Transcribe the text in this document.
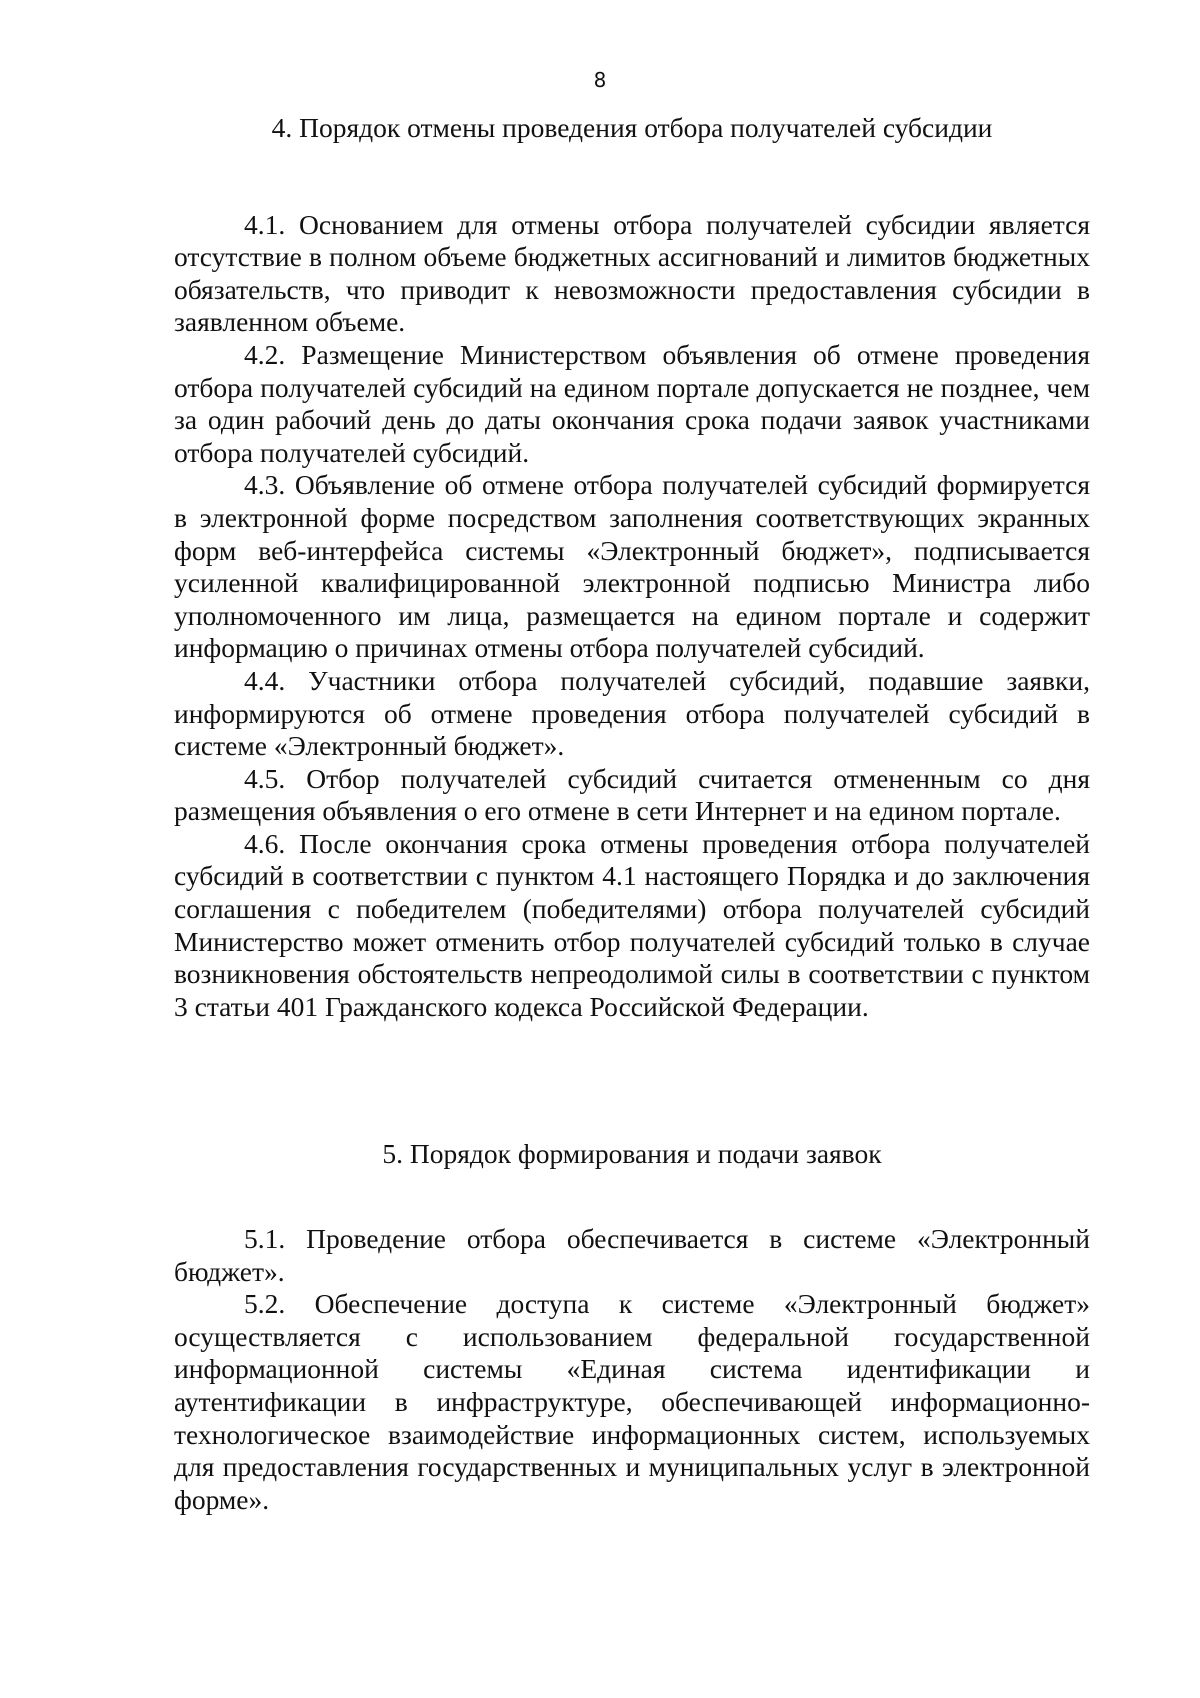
8

4. Порядок отмены проведения отбора получателей субсидии

4.1. Основанием для отмены отбора получателей субсидии является отсутствие в полном объеме бюджетных ассигнований и лимитов бюджетных обязательств, что приводит к невозможности предоставления субсидии в заявленном объеме.

4.2. Размещение Министерством объявления об отмене проведения отбора получателей субсидий на едином портале допускается не позднее, чем за один рабочий день до даты окончания срока подачи заявок участниками отбора получателей субсидий.

4.3. Объявление об отмене отбора получателей субсидий формируется в электронной форме посредством заполнения соответствующих экранных форм веб-интерфейса системы «Электронный бюджет», подписывается усиленной квалифицированной электронной подписью Министра либо уполномоченного им лица, размещается на едином портале и содержит информацию о причинах отмены отбора получателей субсидий.

4.4. Участники отбора получателей субсидий, подавшие заявки, информируются об отмене проведения отбора получателей субсидий в системе «Электронный бюджет».

4.5. Отбор получателей субсидий считается отмененным со дня размещения объявления о его отмене в сети Интернет и на едином портале.

4.6. После окончания срока отмены проведения отбора получателей субсидий в соответствии с пунктом 4.1 настоящего Порядка и до заключения соглашения с победителем (победителями) отбора получателей субсидий Министерство может отменить отбор получателей субсидий только в случае возникновения обстоятельств непреодолимой силы в соответствии с пунктом 3 статьи 401 Гражданского кодекса Российской Федерации.

5. Порядок формирования и подачи заявок

5.1. Проведение отбора обеспечивается в системе «Электронный бюджет».

5.2. Обеспечение доступа к системе «Электронный бюджет» осуществляется с использованием федеральной государственной информационной системы «Единая система идентификации и аутентификации в инфраструктуре, обеспечивающей информационно-технологическое взаимодействие информационных систем, используемых для предоставления государственных и муниципальных услуг в электронной форме».
